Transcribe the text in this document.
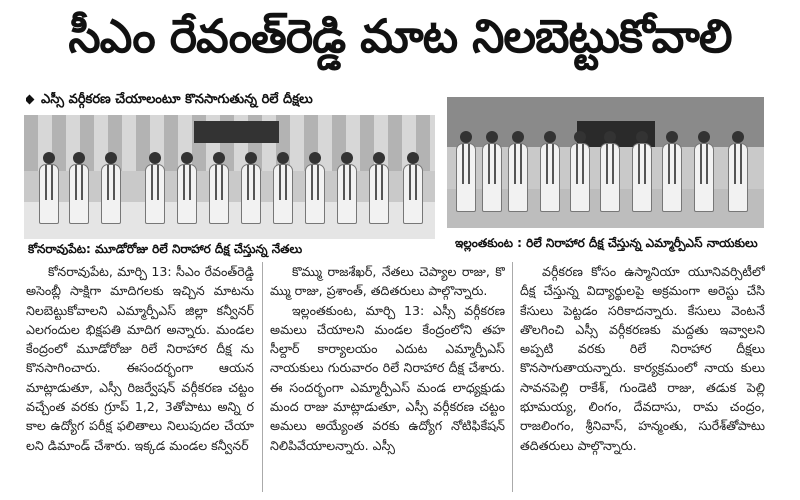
సీఎం రేవంత్‌రెడ్డి మాట నిలబెట్టుకోవాలి
ఎస్సీ వర్గీకరణ చేయాలంటూ కొనసాగుతున్న రిలే దీక్షలు
కోనరావుపేట: మూడోరోజు రిలే నిరాహార దీక్ష చేస్తున్న నేతలు	ఇల్లంతకుంట : రిలే నిరాహార దీక్ష చేస్తున్న ఎమ్మార్పీఎస్ నాయకులు

కోనరావుపేట, మార్చి 13: సీఎం రేవంత్‌రెడ్డి అసెంబ్లీ సాక్షిగా మాదిగలకు ఇచ్చిన మాటను నిలబెట్టుకోవాలని ఎమ్మార్పీఎస్ జిల్లా కన్వీనర్ ఎలగందుల భిక్షపతి మాదిగ అన్నారు. మండల కేంద్రంలో మూడోరోజు రిలే నిరాహార దీక్ష ను కొనసాగించారు. ఈసందర్భంగా ఆయన మాట్లాడుతూ, ఎస్సీ రిజర్వేషన్ వర్గీకరణ చట్టం వచ్చేంత వరకు గ్రూప్ 1,2, 3తోపాటు అన్ని ర కాల ఉద్యోగ పరీక్ష ఫలితాలు నిలుపుదల చేయా లని డిమాండ్ చేశారు. ఇక్కడ మండల కన్వీనర్

కొమ్ము రాజశేఖర్, నేతలు చెప్యాల రాజు, కొ మ్ము రాజు, ప్రశాంత్, తదితరులు పాల్గొన్నారు.

ఇల్లంతకుంట, మార్చి 13: ఎస్సీ వర్గీకరణ అమలు చేయాలని మండల కేంద్రంలోని తహ సీల్దార్ కార్యాలయం ఎదుట ఎమ్మార్పీఎస్ నాయకులు గురువారం రిలే నిరాహార దీక్ష చేశారు. ఈ సందర్భంగా ఎమ్మార్పీఎస్ మండ లాధ్యక్షుడు మంద రాజు మాట్లాడుతూ, ఎస్సీ వర్గీకరణ చట్టం అమలు అయ్యేంత వరకు ఉద్యోగ నోటిఫికేషన్ నిలిపివేయాలన్నారు. ఎస్సీ

వర్గీకరణ కోసం ఉస్మానియా యూనివర్సిటీలో దీక్ష చేస్తున్న విద్యార్థులపై అక్రమంగా అరెస్టు చేసి కేసులు పెట్టడం సరికాదన్నారు. కేసులు వెంటనే తొలగించి ఎస్సీ వర్గీకరణకు మద్దతు ఇవ్వాలని అప్పటి వరకు రిలే నిరాహార దీక్షలు కొనసాగుతాయన్నారు. కార్యక్రమంలో నాయ కులు సావనపెల్లి రాకేశ్, గుండెటి రాజు, తడుక పెల్లి భూమయ్య, లింగం, దేవదాసు, రామ చంద్రం, రాజలింగం, శ్రీనివాస్, హన్మంతు, సురేశ్‌తోపాటు తదితరులు పాల్గొన్నారు.
